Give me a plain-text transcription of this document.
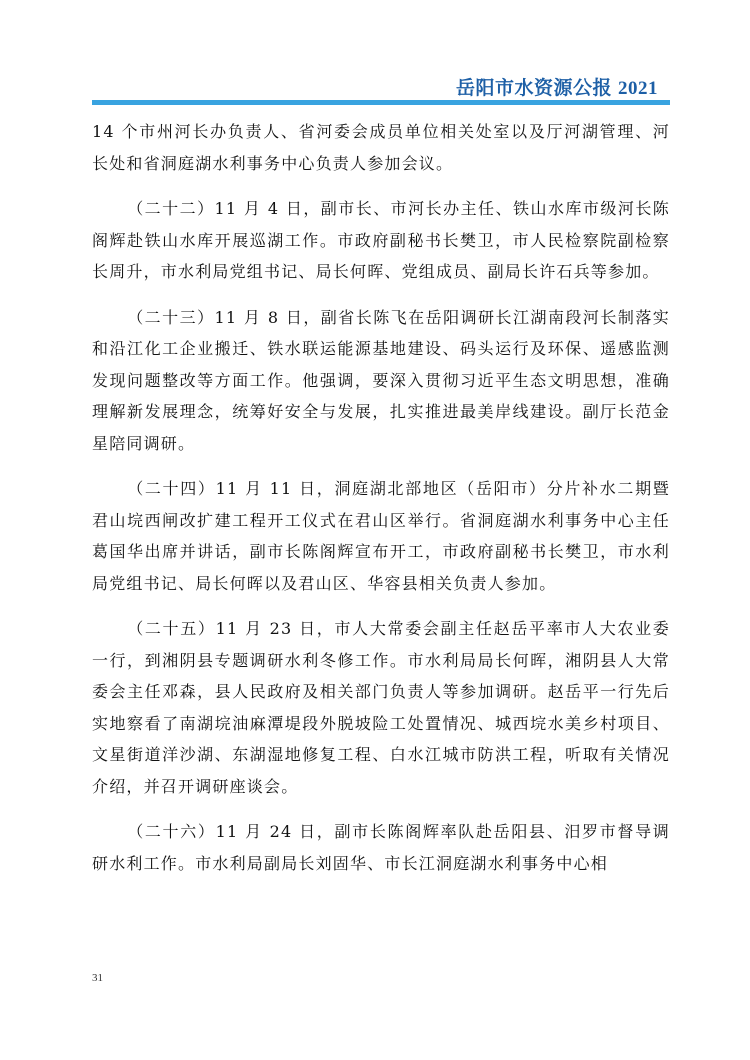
岳阳市水资源公报 2021

14 个市州河长办负责人、省河委会成员单位相关处室以及厅河湖管理、河长处和省洞庭湖水利事务中心负责人参加会议。

（二十二）11 月 4 日，副市长、市河长办主任、铁山水库市级河长陈阁辉赴铁山水库开展巡湖工作。市政府副秘书长樊卫，市人民检察院副检察长周升，市水利局党组书记、局长何晖、党组成员、副局长许石兵等参加。

（二十三）11 月 8 日，副省长陈飞在岳阳调研长江湖南段河长制落实和沿江化工企业搬迁、铁水联运能源基地建设、码头运行及环保、遥感监测发现问题整改等方面工作。他强调，要深入贯彻习近平生态文明思想，准确理解新发展理念，统筹好安全与发展，扎实推进最美岸线建设。副厅长范金星陪同调研。

（二十四）11 月 11 日，洞庭湖北部地区（岳阳市）分片补水二期暨君山垸西闸改扩建工程开工仪式在君山区举行。省洞庭湖水利事务中心主任葛国华出席并讲话，副市长陈阁辉宣布开工，市政府副秘书长樊卫，市水利局党组书记、局长何晖以及君山区、华容县相关负责人参加。

（二十五）11 月 23 日，市人大常委会副主任赵岳平率市人大农业委一行，到湘阴县专题调研水利冬修工作。市水利局局长何晖，湘阴县人大常委会主任邓森，县人民政府及相关部门负责人等参加调研。赵岳平一行先后实地察看了南湖垸油麻潭堤段外脱坡险工处置情况、城西垸水美乡村项目、文星街道洋沙湖、东湖湿地修复工程、白水江城市防洪工程，听取有关情况介绍，并召开调研座谈会。

（二十六）11 月 24 日，副市长陈阁辉率队赴岳阳县、汨罗市督导调研水利工作。市水利局副局长刘固华、市长江洞庭湖水利事务中心相

31
